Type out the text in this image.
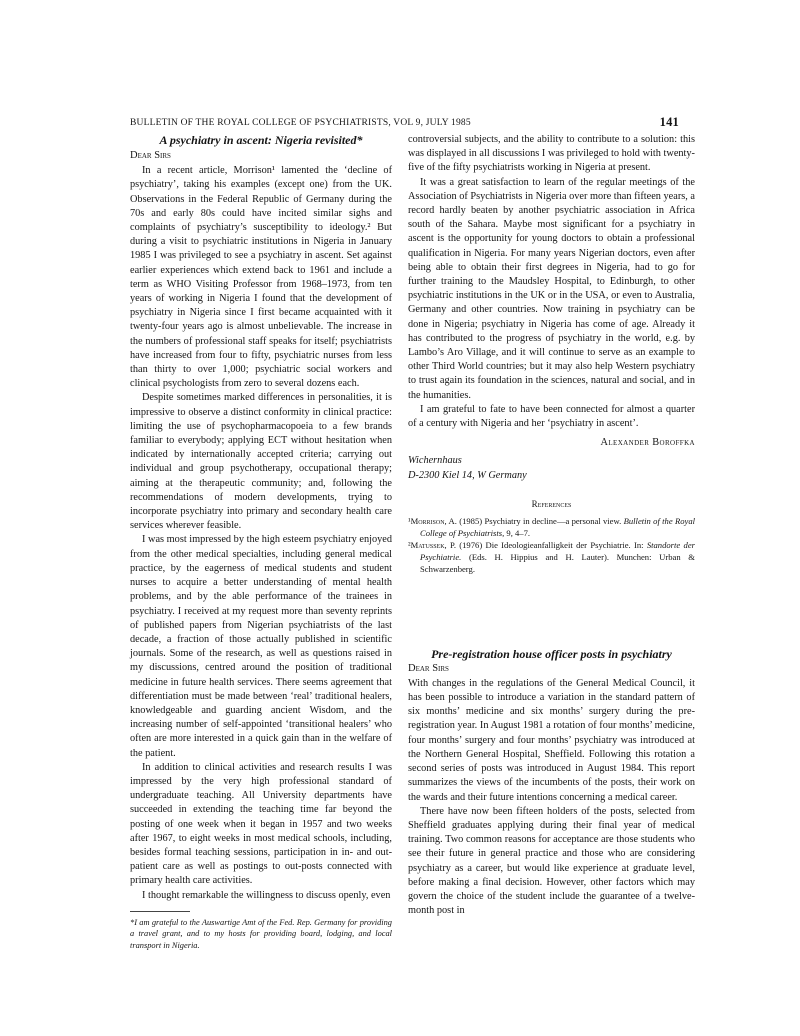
BULLETIN OF THE ROYAL COLLEGE OF PSYCHIATRISTS, VOL 9, JULY 1985	141
A psychiatry in ascent: Nigeria revisited*
Dear Sirs

In a recent article, Morrison¹ lamented the ‘decline of psychiatry’, taking his examples (except one) from the UK. Observations in the Federal Republic of Germany during the 70s and early 80s could have incited similar sighs and complaints of psychiatry’s susceptibility to ideology.² But during a visit to psychiatric institutions in Nigeria in January 1985 I was privileged to see a psychiatry in ascent. Set against earlier experiences which extend back to 1961 and include a term as WHO Visiting Professor from 1968–1973, from ten years of working in Nigeria I found that the development of psychiatry in Nigeria since I first became acquainted with it twenty-four years ago is almost unbelievable. The increase in the numbers of professional staff speaks for itself; psychiatrists have increased from four to fifty, psychiatric nurses from less than thirty to over 1,000; psychiatric social workers and clinical psychologists from zero to several dozens each.

Despite sometimes marked differences in personalities, it is impressive to observe a distinct conformity in clinical practice: limiting the use of psychopharmacopoeia to a few brands familiar to everybody; applying ECT without hesitation when indicated by internationally accepted criteria; carrying out individual and group psychotherapy, occupational therapy; aiming at the therapeutic community; and, following the recommendations of modern developments, trying to incorporate psychiatry into primary and secondary health care services wherever feasible.

I was most impressed by the high esteem psychiatry enjoyed from the other medical specialties, including general medical practice, by the eagerness of medical students and student nurses to acquire a better understanding of mental health problems, and by the able performance of the trainees in psychiatry. I received at my request more than seventy reprints of published papers from Nigerian psychiatrists of the last decade, a fraction of those actually published in scientific journals. Some of the research, as well as questions raised in my discussions, centred around the position of traditional medicine in future health services. There seems agreement that differentiation must be made between ‘real’ traditional healers, knowledgeable and guarding ancient Wisdom, and the increasing number of self-appointed ‘transitional healers’ who often are more interested in a quick gain than in the welfare of the patient.

In addition to clinical activities and research results I was impressed by the very high professional standard of undergraduate teaching. All University departments have succeeded in extending the teaching time far beyond the posting of one week when it began in 1957 and two weeks after 1967, to eight weeks in most medical schools, including, besides formal teaching sessions, participation in in- and out-patient care as well as postings to out-posts connected with primary health care activities.

I thought remarkable the willingness to discuss openly, even

*I am grateful to the Auswartige Amt of the Fed. Rep. Germany for providing a travel grant, and to my hosts for providing board, lodging, and local transport in Nigeria.

controversial subjects, and the ability to contribute to a solution: this was displayed in all discussions I was privileged to hold with twenty-five of the fifty psychiatrists working in Nigeria at present.

It was a great satisfaction to learn of the regular meetings of the Association of Psychiatrists in Nigeria over more than fifteen years, a record hardly beaten by another psychiatric association in Africa south of the Sahara. Maybe most significant for a psychiatry in ascent is the opportunity for young doctors to obtain a professional qualification in Nigeria. For many years Nigerian doctors, even after being able to obtain their first degrees in Nigeria, had to go for further training to the Maudsley Hospital, to Edinburgh, to other psychiatric institutions in the UK or in the USA, or even to Australia, Germany and other countries. Now training in psychiatry can be done in Nigeria; psychiatry in Nigeria has come of age. Already it has contributed to the progress of psychiatry in the world, e.g. by Lambo’s Aro Village, and it will continue to serve as an example to other Third World countries; but it may also help Western psychiatry to trust again its foundation in the sciences, natural and social, and in the humanities.

I am grateful to fate to have been connected for almost a quarter of a century with Nigeria and her ‘psychiatry in ascent’.

Alexander Boroffka
Wichernhaus
D-2300 Kiel 14, W Germany
References
¹Morrison, A. (1985) Psychiatry in decline—a personal view. Bulletin of the Royal College of Psychiatrists, 9, 4–7.
²Matussek, P. (1976) Die Ideologieanfalligkeit der Psychiatrie. In: Standorte der Psychiatrie. (Eds. H. Hippius and H. Lauter). Munchen: Urban & Schwarzenberg.
Pre-registration house officer posts in psychiatry
Dear Sirs

With changes in the regulations of the General Medical Council, it has been possible to introduce a variation in the standard pattern of six months’ medicine and six months’ surgery during the pre-registration year. In August 1981 a rotation of four months’ medicine, four months’ surgery and four months’ psychiatry was introduced at the Northern General Hospital, Sheffield. Following this rotation a second series of posts was introduced in August 1984. This report summarizes the views of the incumbents of the posts, their work on the wards and their future intentions concerning a medical career.

There have now been fifteen holders of the posts, selected from Sheffield graduates applying during their final year of medical training. Two common reasons for acceptance are those students who see their future in general practice and those who are considering psychiatry as a career, but would like experience at graduate level, before making a final decision. However, other factors which may govern the choice of the student include the guarantee of a twelve-month post in
